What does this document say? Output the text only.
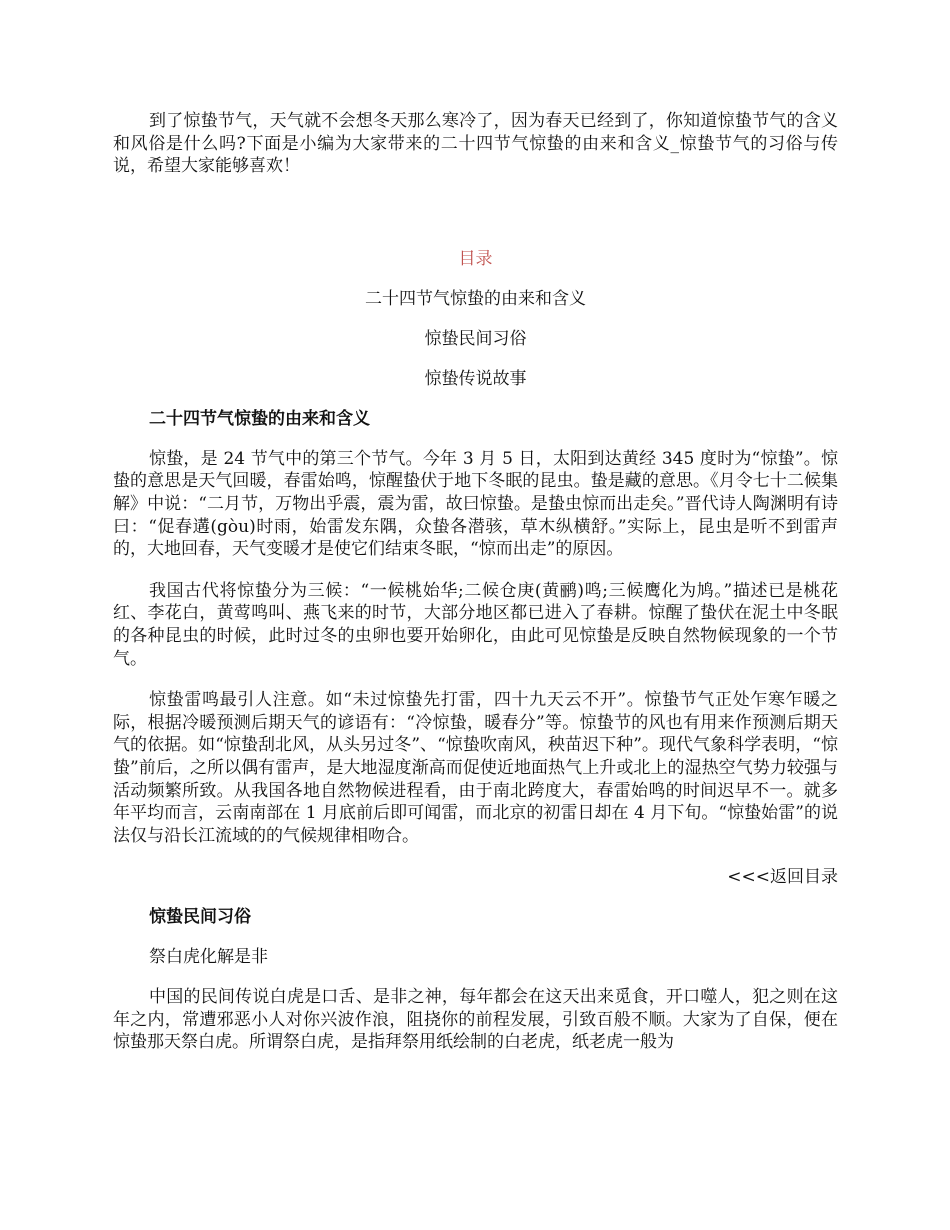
到了惊蛰节气，天气就不会想冬天那么寒冷了，因为春天已经到了，你知道惊蛰节气的含义和风俗是什么吗?下面是小编为大家带来的二十四节气惊蛰的由来和含义_惊蛰节气的习俗与传说，希望大家能够喜欢！

目录

二十四节气惊蛰的由来和含义

惊蛰民间习俗

惊蛰传说故事

二十四节气惊蛰的由来和含义

惊蛰，是 24 节气中的第三个节气。今年 3 月 5 日，太阳到达黄经 345 度时为“惊蛰”。惊蛰的意思是天气回暖，春雷始鸣，惊醒蛰伏于地下冬眠的昆虫。蛰是藏的意思。《月令七十二候集解》中说：“二月节，万物出乎震，震为雷，故曰惊蛰。是蛰虫惊而出走矣。”晋代诗人陶渊明有诗曰：“促春遘(gòu)时雨，始雷发东隅，众蛰各潜骇，草木纵横舒。”实际上，昆虫是听不到雷声的，大地回春，天气变暖才是使它们结束冬眠，“惊而出走”的原因。

我国古代将惊蛰分为三候：“一候桃始华;二候仓庚(黄鹂)鸣;三候鹰化为鸠。”描述已是桃花红、李花白，黄莺鸣叫、燕飞来的时节，大部分地区都已进入了春耕。惊醒了蛰伏在泥土中冬眠的各种昆虫的时候，此时过冬的虫卵也要开始卵化，由此可见惊蛰是反映自然物候现象的一个节气。

惊蛰雷鸣最引人注意。如“未过惊蛰先打雷，四十九天云不开”。惊蛰节气正处乍寒乍暖之际，根据冷暖预测后期天气的谚语有：“冷惊蛰，暖春分”等。惊蛰节的风也有用来作预测后期天气的依据。如“惊蛰刮北风，从头另过冬”、“惊蛰吹南风，秧苗迟下种”。现代气象科学表明，“惊蛰”前后，之所以偶有雷声，是大地湿度渐高而促使近地面热气上升或北上的湿热空气势力较强与活动频繁所致。从我国各地自然物候进程看，由于南北跨度大，春雷始鸣的时间迟早不一。就多年平均而言，云南南部在 1 月底前后即可闻雷，而北京的初雷日却在 4 月下旬。“惊蛰始雷”的说法仅与沿长江流域的的气候规律相吻合。

<<<返回目录

惊蛰民间习俗

祭白虎化解是非

中国的民间传说白虎是口舌、是非之神，每年都会在这天出来觅食，开口噬人，犯之则在这年之内，常遭邪恶小人对你兴波作浪，阻挠你的前程发展，引致百般不顺。大家为了自保，便在惊蛰那天祭白虎。所谓祭白虎，是指拜祭用纸绘制的白老虎，纸老虎一般为
